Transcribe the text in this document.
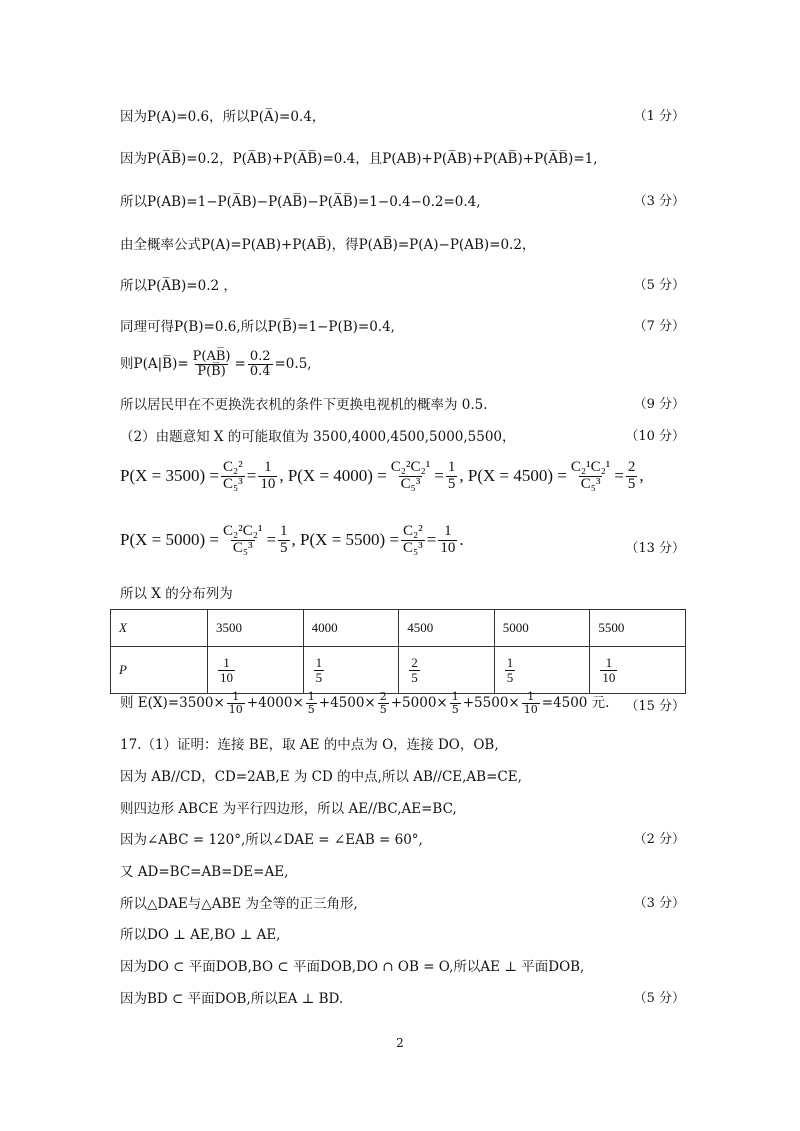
因为P(A)=0.6，所以P(A̅)=0.4，	（1 分）
因为P(A̅B̅)=0.2，P(A̅B)+P(A̅B̅)=0.4，且P(AB)+P(A̅B)+P(AB̅)+P(A̅B̅)=1,
所以P(AB)=1−P(A̅B)−P(AB̅)−P(A̅B̅)=1−0.4−0.2=0.4,	（3 分）
由全概率公式P(A)=P(AB)+P(AB̅)，得P(AB̅)=P(A)−P(AB)=0.2，
所以P(A̅B)=0.2 ，	（5 分）
同理可得P(B)=0.6,所以P(B̅)=1−P(B)=0.4,	（7 分）
则P(A|B̅)= $\frac{P(AB̅)}{P(B̅)} = \frac{0.2}{0.4} =0.5$,
所以居民甲在不更换洗衣机的条件下更换电视机的概率为 0.5.	（9 分）
（2）由题意知 X 的可能取值为 3500,4000,4500,5000,5500，	（10 分）
$P(X = 3500) = \frac{\text{C₂²}}{\text{C₅³}} = \frac{1}{10}$ , $P(X = 4000) = \frac{\text{C₂²C₂¹}}{\text{C₅³}} = \frac{1}{5}$ , $P(X = 4500) = \frac{\text{C₂¹C₂¹}}{\text{C₅³}} = \frac{2}{5}$ ,
$P(X = 5000) = \frac{\text{C₂²C₂¹}}{\text{C₅³}} = \frac{1}{5}$ , $P(X = 5500) = \frac{\text{C₂²}}{\text{C₅³}} = \frac{1}{10}$ .	（13 分）
所以 X 的分布列为
X	3500	4000	4500	5000	5500
P	$\frac{1}{10}$	$\frac{1}{5}$	$\frac{2}{5}$	$\frac{1}{5}$	$\frac{1}{10}$
则 $E(X)=3500\times \frac{1}{10} +4000\times \frac{1}{5} +4500\times \frac{2}{5} +5000\times \frac{1}{5} +5500\times \frac{1}{10} =4500$ 元. （15 分）
17.（1）证明：连接 BE，取 AE 的中点为 O，连接 DO，OB,
因为 AB//CD，CD=2AB,E 为 CD 的中点,所以 AB//CE,AB=CE,
则四边形 ABCE 为平行四边形，所以 AE//BC,AE=BC,
因为∠ABC = 120°,所以∠DAE = ∠EAB = 60°,	（2 分）
又 AD=BC=AB=DE=AE,
所以△DAE与△ABE 为全等的正三角形,	（3 分）
所以DO ⊥ AE,BO ⊥ AE,
因为DO ⊂ 平面DOB,BO ⊂ 平面DOB,DO ∩ OB = O,所以AE ⊥ 平面DOB,
因为BD ⊂ 平面DOB,所以EA ⊥ BD.	（5 分）
2
